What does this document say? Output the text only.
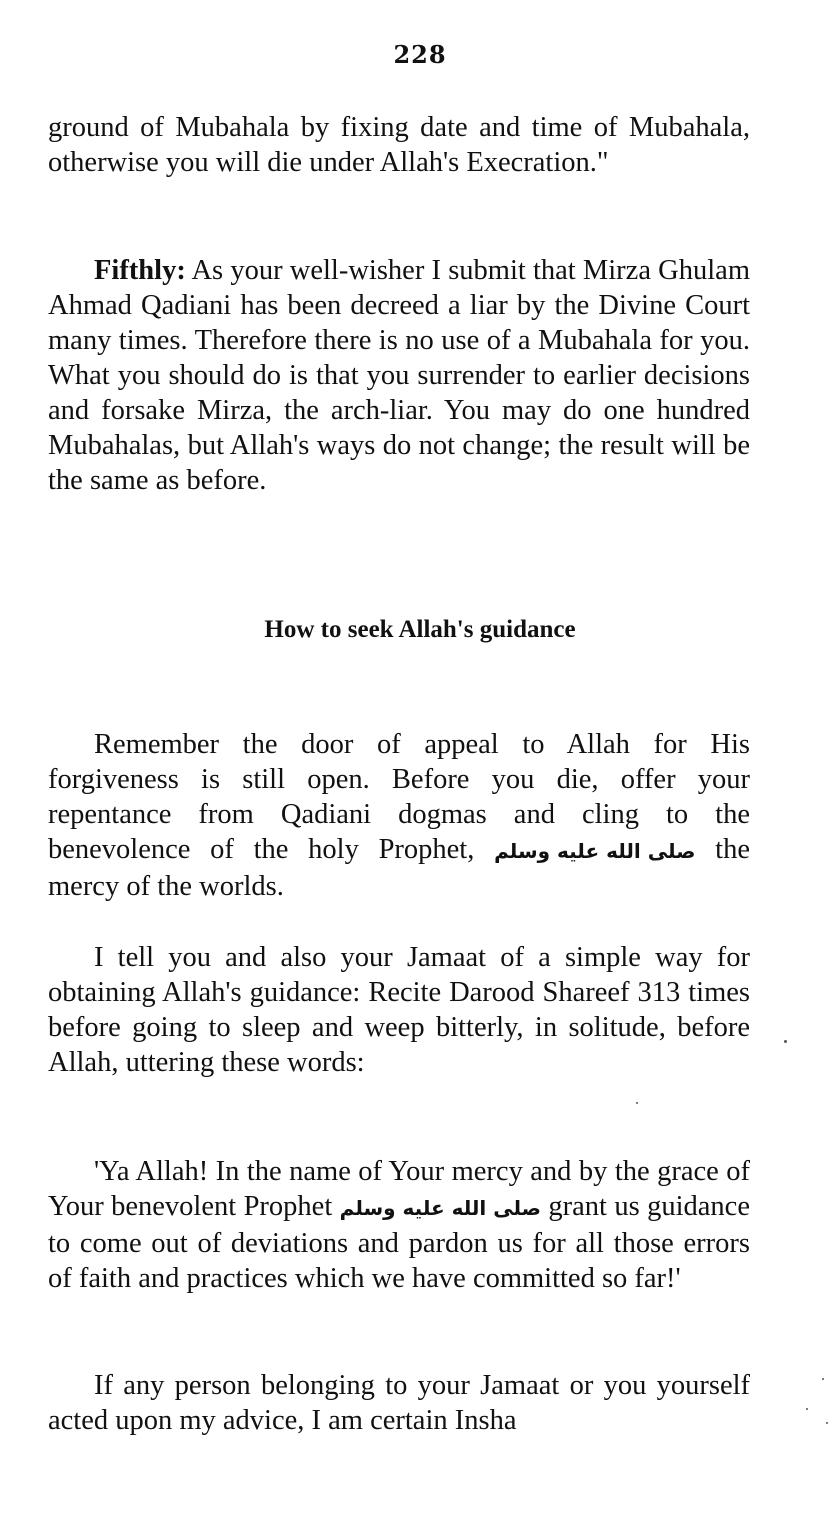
228

ground of Mubahala by fixing date and time of Mubahala, otherwise you will die under Allah's Execration."

Fifthly: As your well-wisher I submit that Mirza Ghulam Ahmad Qadiani has been decreed a liar by the Divine Court many times. Therefore there is no use of a Mubahala for you. What you should do is that you surrender to earlier decisions and forsake Mirza, the arch-liar. You may do one hundred Mubahalas, but Allah's ways do not change; the result will be the same as before.

How to seek Allah's guidance

Remember the door of appeal to Allah for His forgiveness is still open. Before you die, offer your repentance from Qadiani dogmas and cling to the benevolence of the holy Prophet, صلى الله عليه وسلم the mercy of the worlds.

I tell you and also your Jamaat of a simple way for obtaining Allah's guidance: Recite Darood Shareef 313 times before going to sleep and weep bitterly, in solitude, before Allah, uttering these words:

'Ya Allah! In the name of Your mercy and by the grace of Your benevolent Prophet صلى الله عليه وسلم grant us guidance to come out of deviations and pardon us for all those errors of faith and practices which we have committed so far!'

If any person belonging to your Jamaat or you yourself acted upon my advice, I am certain Insha
